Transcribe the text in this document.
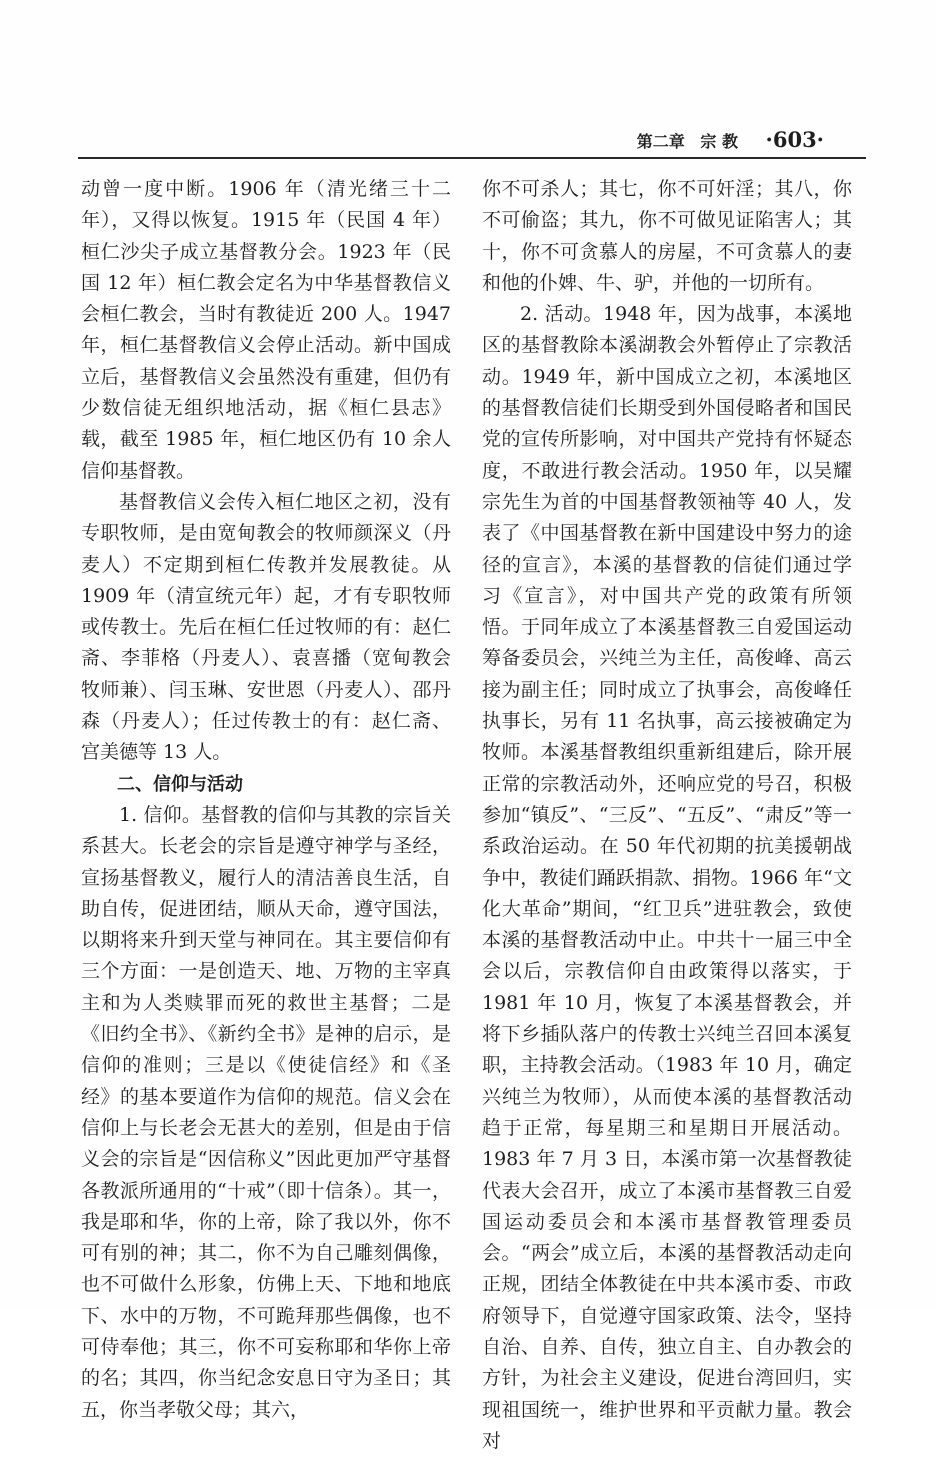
第二章 宗 教 ·603·

动曾一度中断。1906 年（清光绪三十二年），又得以恢复。1915 年（民国 4 年）桓仁沙尖子成立基督教分会。1923 年（民国 12 年）桓仁教会定名为中华基督教信义会桓仁教会，当时有教徒近 200 人。1947 年，桓仁基督教信义会停止活动。新中国成立后，基督教信义会虽然没有重建，但仍有少数信徒无组织地活动，据《桓仁县志》载，截至 1985 年，桓仁地区仍有 10 余人信仰基督教。

基督教信义会传入桓仁地区之初，没有专职牧师，是由宽甸教会的牧师颜深义（丹麦人）不定期到桓仁传教并发展教徒。从 1909 年（清宣统元年）起，才有专职牧师或传教士。先后在桓仁任过牧师的有：赵仁斋、李菲格（丹麦人）、袁喜播（宽甸教会牧师兼）、闫玉琳、安世恩（丹麦人）、邵丹森（丹麦人）；任过传教士的有：赵仁斋、宫美德等 13 人。

二、信仰与活动

1. 信仰。基督教的信仰与其教的宗旨关系甚大。长老会的宗旨是遵守神学与圣经，宣扬基督教义，履行人的清洁善良生活，自助自传，促进团结，顺从天命，遵守国法，以期将来升到天堂与神同在。其主要信仰有三个方面：一是创造天、地、万物的主宰真主和为人类赎罪而死的救世主基督；二是《旧约全书》、《新约全书》是神的启示，是信仰的准则；三是以《使徒信经》和《圣经》的基本要道作为信仰的规范。信义会在信仰上与长老会无甚大的差别，但是由于信义会的宗旨是“因信称义”因此更加严守基督各教派所通用的“十戒”（即十信条）。其一，我是耶和华，你的上帝，除了我以外，你不可有别的神；其二，你不为自己雕刻偶像，也不可做什么形象，仿佛上天、下地和地底下、水中的万物，不可跪拜那些偶像，也不可侍奉他；其三，你不可妄称耶和华你上帝的名；其四，你当纪念安息日守为圣日；其五，你当孝敬父母；其六，

你不可杀人；其七，你不可奸淫；其八，你不可偷盗；其九，你不可做见证陷害人；其十，你不可贪慕人的房屋，不可贪慕人的妻和他的仆婢、牛、驴，并他的一切所有。

2. 活动。1948 年，因为战事，本溪地区的基督教除本溪湖教会外暂停止了宗教活动。1949 年，新中国成立之初，本溪地区的基督教信徒们长期受到外国侵略者和国民党的宣传所影响，对中国共产党持有怀疑态度，不敢进行教会活动。1950 年，以吴耀宗先生为首的中国基督教领袖等 40 人，发表了《中国基督教在新中国建设中努力的途径的宣言》，本溪的基督教的信徒们通过学习《宣言》，对中国共产党的政策有所领悟。于同年成立了本溪基督教三自爱国运动筹备委员会，兴纯兰为主任，高俊峰、高云接为副主任；同时成立了执事会，高俊峰任执事长，另有 11 名执事，高云接被确定为牧师。本溪基督教组织重新组建后，除开展正常的宗教活动外，还响应党的号召，积极参加“镇反”、“三反”、“五反”、“肃反”等一系政治运动。在 50 年代初期的抗美援朝战争中，教徒们踊跃捐款、捐物。1966 年“文化大革命”期间，“红卫兵”进驻教会，致使本溪的基督教活动中止。中共十一届三中全会以后，宗教信仰自由政策得以落实，于 1981 年 10 月，恢复了本溪基督教会，并将下乡插队落户的传教士兴纯兰召回本溪复职，主持教会活动。（1983 年 10 月，确定兴纯兰为牧师），从而使本溪的基督教活动趋于正常，每星期三和星期日开展活动。1983 年 7 月 3 日，本溪市第一次基督教徒代表大会召开，成立了本溪市基督教三自爱国运动委员会和本溪市基督教管理委员会。“两会”成立后，本溪的基督教活动走向正规，团结全体教徒在中共本溪市委、市政府领导下，自觉遵守国家政策、法令，坚持自治、自养、自传，独立自主、自办教会的方针，为社会主义建设，促进台湾回归，实现祖国统一，维护世界和平贡献力量。教会对
